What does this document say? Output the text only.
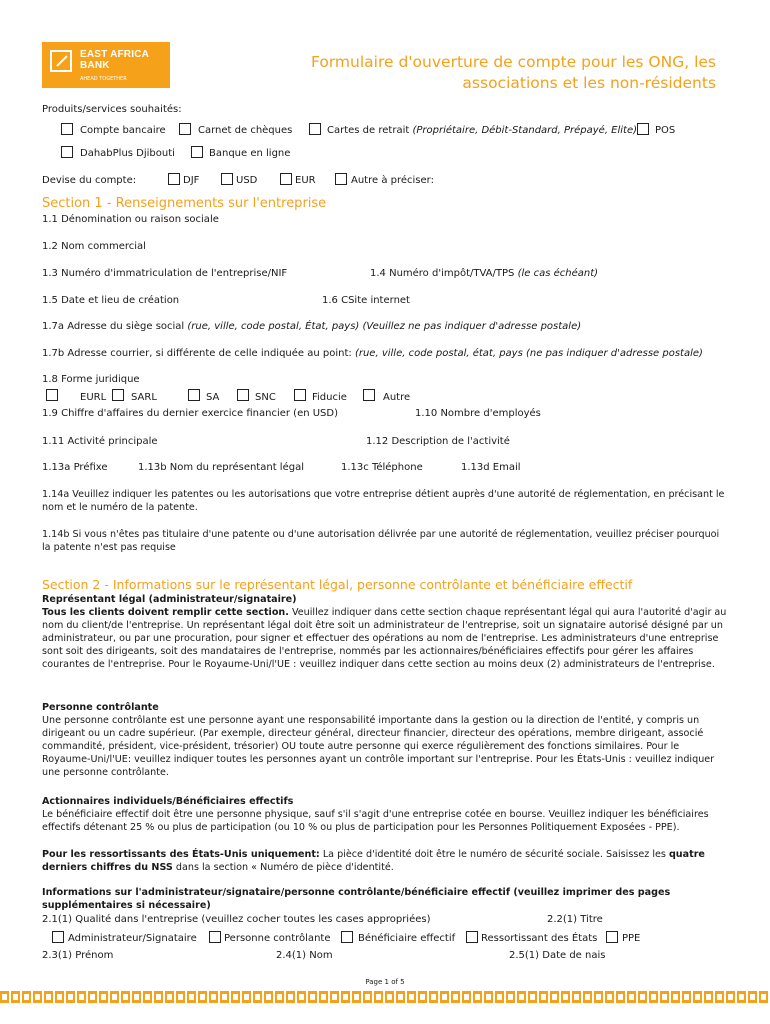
EAST AFRICA
BANK
AHEAD TOGETHER
Formulaire d'ouverture de compte pour les ONG, les
associations et les non-résidents
Produits/services souhaités:
Compte bancaire	Carnet de chèques	Cartes de retrait (Propriétaire, Débit-Standard, Prépayé, Elite) POS
DahabPlus Djibouti	Banque en ligne
Devise du compte:	DJF	USD	EUR	Autre à préciser:
Section 1 - Renseignements sur l'entreprise
1.1 Dénomination ou raison sociale
1.2 Nom commercial
1.3 Numéro d'immatriculation de l'entreprise/NIF	1.4 Numéro d'impôt/TVA/TPS (le cas échéant)
1.5 Date et lieu de création	1.6 CSite internet
1.7a Adresse du siège social (rue, ville, code postal, État, pays) (Veuillez ne pas indiquer d'adresse postale)
1.7b Adresse courrier, si différente de celle indiquée au point: (rue, ville, code postal, état, pays (ne pas indiquer d'adresse postale)
1.8 Forme juridique
EURL SARL	SA	SNC	Fiducie	Autre
1.9 Chiffre d'affaires du dernier exercice financier (en USD)	1.10 Nombre d'employés
1.11 Activité principale	1.12 Description de l'activité
1.13a Préfixe	1.13b Nom du représentant légal	1.13c Téléphone	1.13d Email
1.14a Veuillez indiquer les patentes ou les autorisations que votre entreprise détient auprès d'une autorité de réglementation, en précisant le nom et le numéro de la patente.
1.14b Si vous n'êtes pas titulaire d'une patente ou d'une autorisation délivrée par une autorité de réglementation, veuillez préciser pourquoi la patente n'est pas requise
Section 2 - Informations sur le représentant légal, personne contrôlante et bénéficiaire effectif
Représentant légal (administrateur/signataire)
Tous les clients doivent remplir cette section. Veuillez indiquer dans cette section chaque représentant légal qui aura l'autorité d'agir au nom du client/de l'entreprise. Un représentant légal doit être soit un administrateur de l'entreprise, soit un signataire autorisé désigné par un administrateur, ou par une procuration, pour signer et effectuer des opérations au nom de l'entreprise. Les administrateurs d'une entreprise sont soit des dirigeants, soit des mandataires de l'entreprise, nommés par les actionnaires/bénéficiaires effectifs pour gérer les affaires courantes de l'entreprise. Pour le Royaume-Uni/l'UE : veuillez indiquer dans cette section au moins deux (2) administrateurs de l'entreprise.
Personne contrôlante
Une personne contrôlante est une personne ayant une responsabilité importante dans la gestion ou la direction de l'entité, y compris un dirigeant ou un cadre supérieur. (Par exemple, directeur général, directeur financier, directeur des opérations, membre dirigeant, associé commandité, président, vice-président, trésorier) OU toute autre personne qui exerce régulièrement des fonctions similaires. Pour le Royaume-Uni/l'UE: veuillez indiquer toutes les personnes ayant un contrôle important sur l'entreprise. Pour les États-Unis : veuillez indiquer une personne contrôlante.
Actionnaires individuels/Bénéficiaires effectifs
Le bénéficiaire effectif doit être une personne physique, sauf s'il s'agit d'une entreprise cotée en bourse. Veuillez indiquer les bénéficiaires effectifs détenant 25 % ou plus de participation (ou 10 % ou plus de participation pour les Personnes Politiquement Exposées - PPE).
Pour les ressortissants des États-Unis uniquement: La pièce d'identité doit être le numéro de sécurité sociale. Saisissez les quatre derniers chiffres du NSS dans la section « Numéro de pièce d'identité.
Informations sur l'administrateur/signataire/personne contrôlante/bénéficiaire effectif (veuillez imprimer des pages supplémentaires si nécessaire)
2.1(1) Qualité dans l'entreprise (veuillez cocher toutes les cases appropriées)	2.2(1) Titre
Administrateur/Signataire	Personne contrôlante	Bénéficiaire effectif	Ressortissant des États PPE
2.3(1) Prénom	2.4(1) Nom	2.5(1) Date de nais
Page 1 of 5
